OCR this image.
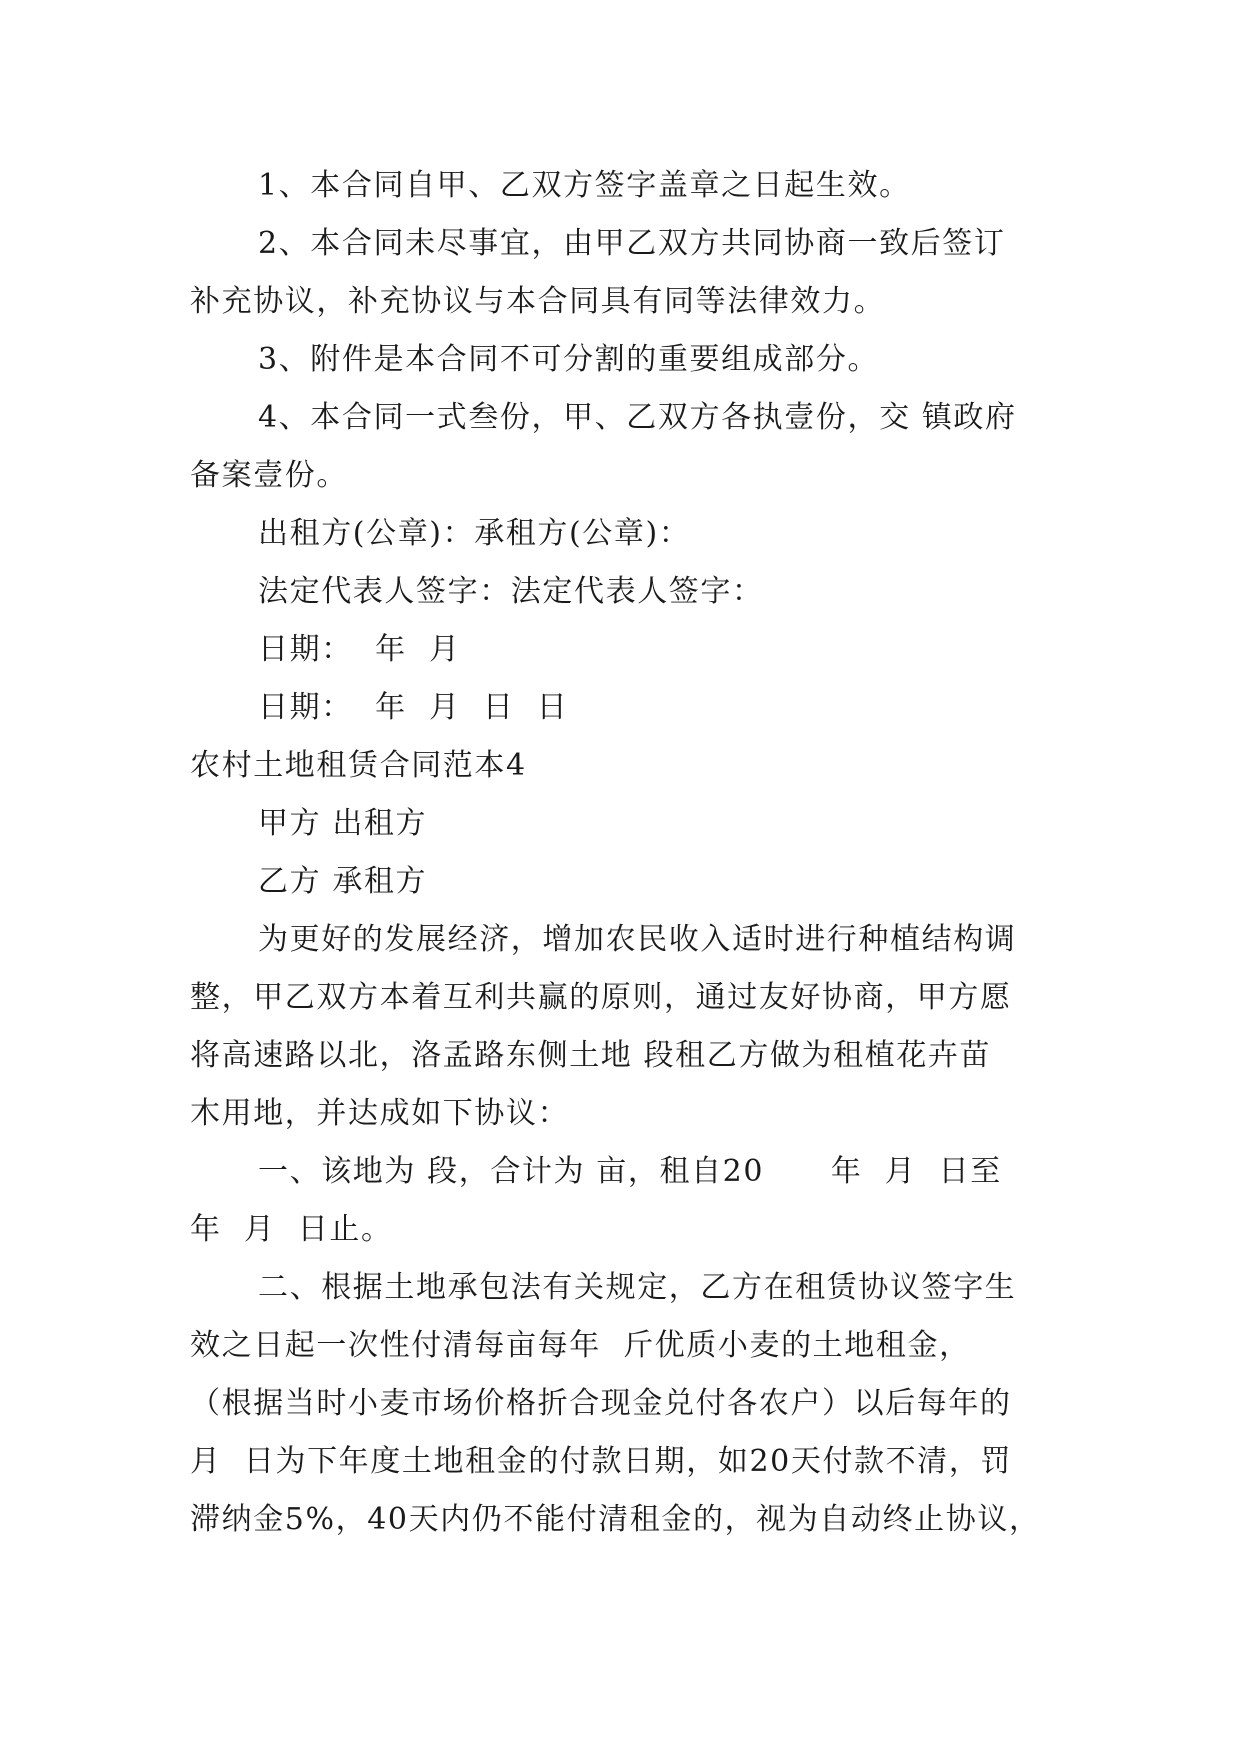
1、本合同自甲、乙双方签字盖章之日起生效。
2、本合同未尽事宜，由甲乙双方共同协商一致后签订
补充协议，补充协议与本合同具有同等法律效力。
3、附件是本合同不可分割的重要组成部分。
4、本合同一式叁份，甲、乙双方各执壹份，交 镇政府
备案壹份。
出租方(公章)：承租方(公章)：
法定代表人签字：法定代表人签字：
日期：  年  月
日期：  年  月  日  日
农村土地租赁合同范本4
甲方 出租方
乙方 承租方
为更好的发展经济，增加农民收入适时进行种植结构调
整，甲乙双方本着互利共赢的原则，通过友好协商，甲方愿
将高速路以北，洛孟路东侧土地 段租乙方做为租植花卉苗
木用地，并达成如下协议：
一、该地为 段，合计为 亩，租自20      年  月  日至
年  月  日止。
二、根据土地承包法有关规定，乙方在租赁协议签字生
效之日起一次性付清每亩每年  斤优质小麦的土地租金，
（根据当时小麦市场价格折合现金兑付各农户）以后每年的
月  日为下年度土地租金的付款日期，如20天付款不清，罚
滞纳金5%，40天内仍不能付清租金的，视为自动终止协议，
